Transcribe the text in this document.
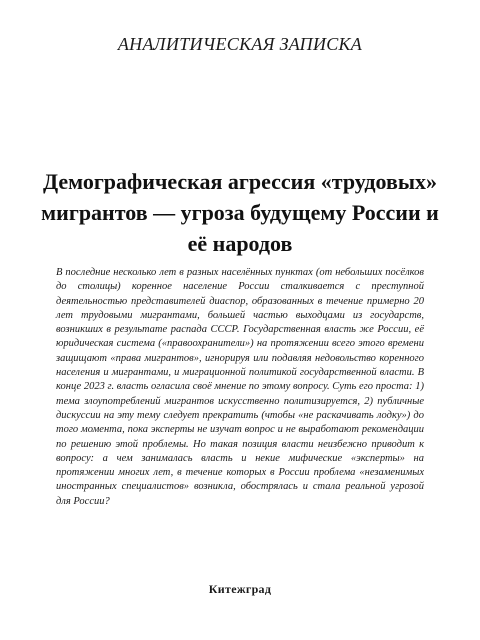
АНАЛИТИЧЕСКАЯ ЗАПИСКА
Демографическая агрессия «трудовых» мигрантов — угроза будущему России и её народов
В последние несколько лет в разных населённых пунктах (от небольших посёлков до столицы) коренное население России сталкивается с преступной деятельностью представителей диаспор, образованных в течение примерно 20 лет трудовыми мигрантами, большей частью выходцами из государств, возникших в результате распада СССР. Государственная власть же России, её юридическая система («правоохранители») на протяжении всего этого времени защищают «права мигрантов», игнорируя или подавляя недовольство коренного населения и мигрантами, и миграционной политикой государственной власти. В конце 2023 г. власть огласила своё мнение по этому вопросу. Суть его проста: 1) тема злоупотреблений мигрантов искусственно политизируется, 2) публичные дискуссии на эту тему следует прекратить (чтобы «не раскачивать лодку») до того момента, пока эксперты не изучат вопрос и не выработают рекомендации по решению этой проблемы. Но такая позиция власти неизбежно приводит к вопросу: а чем занималась власть и некие мифические «эксперты» на протяжении многих лет, в течение которых в России проблема «незаменимых иностранных специалистов» возникла, обострялась и стала реальной угрозой для России?
Китежград
